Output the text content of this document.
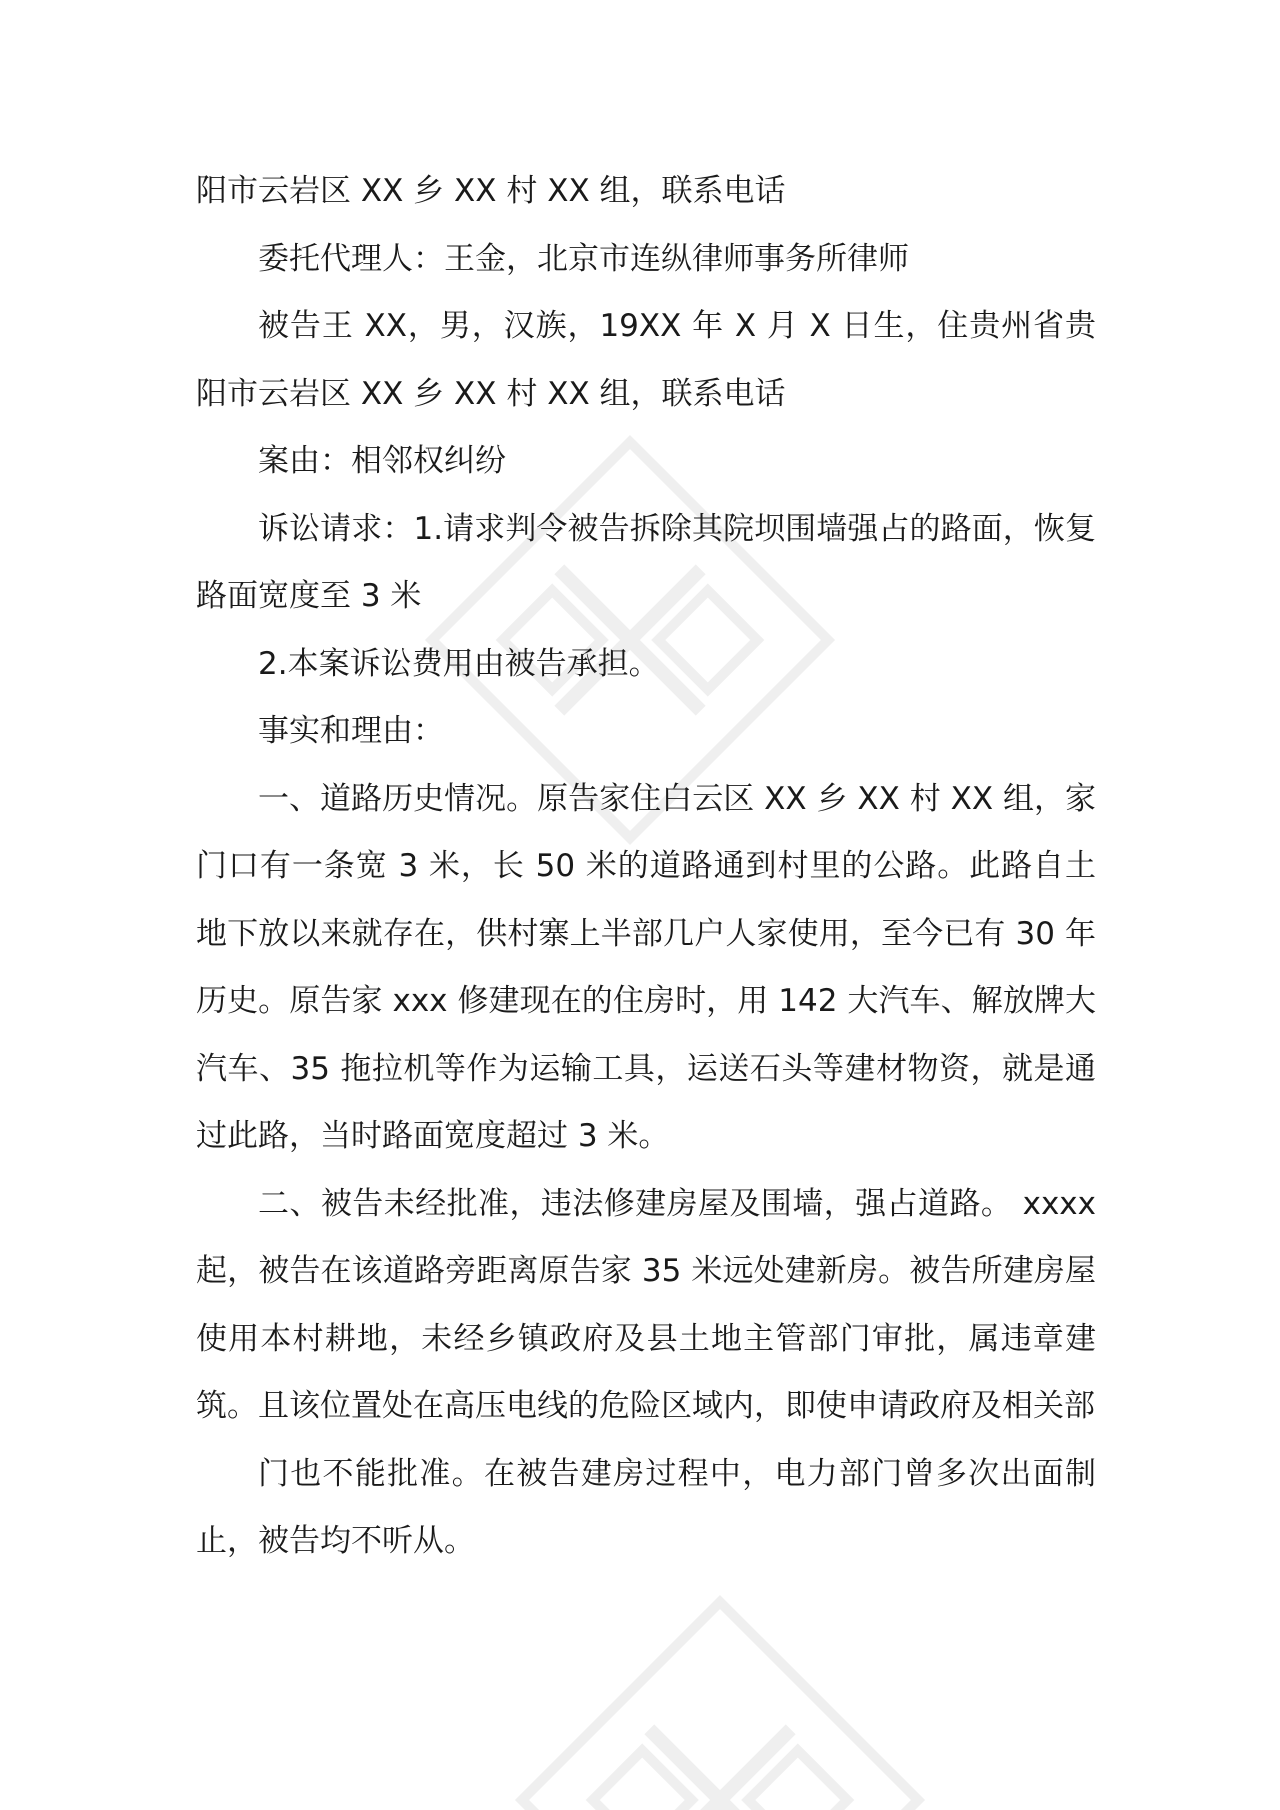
阳市云岩区 XX 乡 XX 村 XX 组，联系电话

委托代理人：王金，北京市连纵律师事务所律师

被告王 XX，男，汉族，19XX 年 X 月 X 日生，住贵州省贵阳市云岩区 XX 乡 XX 村 XX 组，联系电话

案由：相邻权纠纷

诉讼请求：1.请求判令被告拆除其院坝围墙强占的路面，恢复路面宽度至 3 米

2.本案诉讼费用由被告承担。

事实和理由：

一、道路历史情况。原告家住白云区 XX 乡 XX 村 XX 组，家门口有一条宽 3 米，长 50 米的道路通到村里的公路。此路自土地下放以来就存在，供村寨上半部几户人家使用，至今已有 30 年历史。原告家 xxx 修建现在的住房时，用 142 大汽车、解放牌大汽车、35 拖拉机等作为运输工具，运送石头等建材物资，就是通过此路，当时路面宽度超过 3 米。

二、被告未经批准，违法修建房屋及围墙，强占道路。 xxxx 起，被告在该道路旁距离原告家 35 米远处建新房。被告所建房屋使用本村耕地，未经乡镇政府及县土地主管部门审批，属违章建筑。且该位置处在高压电线的危险区域内，即使申请政府及相关部

门也不能批准。在被告建房过程中，电力部门曾多次出面制止，被告均不听从。
